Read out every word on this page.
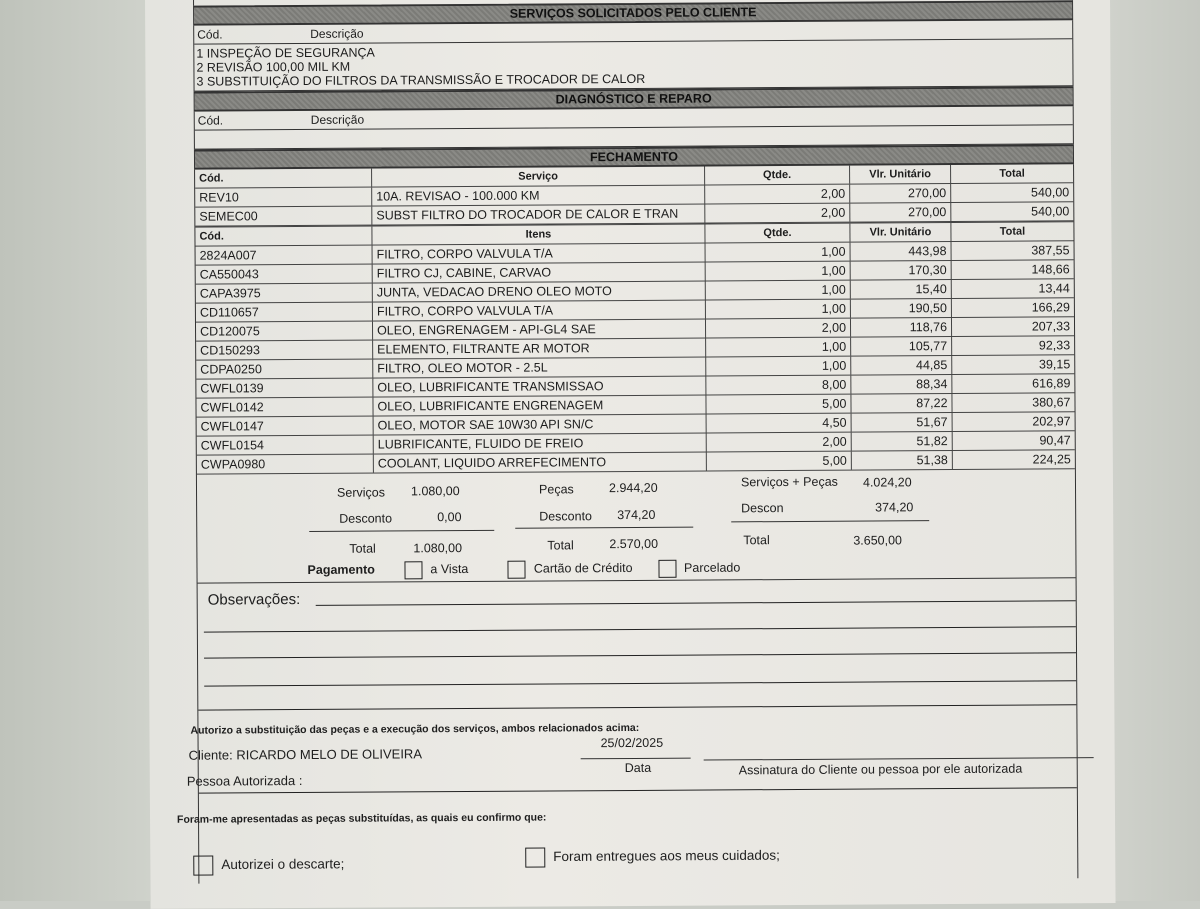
SERVIÇOS SOLICITADOS PELO CLIENTE
Cód.	Descrição
1 INSPEÇÃO DE SEGURANÇA
2 REVISÃO 100,00 MIL KM
3 SUBSTITUIÇÃO DO FILTROS DA TRANSMISSÃO E TROCADOR DE CALOR
DIAGNÓSTICO E REPARO
Cód.	Descrição
FECHAMENTO
Cód.	Serviço	Qtde.	Vlr. Unitário	Total
REV10	10A. REVISAO - 100.000 KM	2,00	270,00	540,00
SEMEC00	SUBST FILTRO DO TROCADOR DE CALOR E TRAN	2,00	270,00	540,00
Cód.	Itens	Qtde.	Vlr. Unitário	Total
2824A007	FILTRO, CORPO VALVULA T/A	1,00	443,98	387,55
CA550043	FILTRO CJ, CABINE, CARVAO	1,00	170,30	148,66
CAPA3975	JUNTA, VEDACAO DRENO OLEO MOTO	1,00	15,40	13,44
CD110657	FILTRO, CORPO VALVULA T/A	1,00	190,50	166,29
CD120075	OLEO, ENGRENAGEM - API-GL4 SAE	2,00	118,76	207,33
CD150293	ELEMENTO, FILTRANTE AR MOTOR	1,00	105,77	92,33
CDPA0250	FILTRO, OLEO MOTOR - 2.5L	1,00	44,85	39,15
CWFL0139	OLEO, LUBRIFICANTE TRANSMISSAO	8,00	88,34	616,89
CWFL0142	OLEO, LUBRIFICANTE ENGRENAGEM	5,00	87,22	380,67
CWFL0147	OLEO, MOTOR SAE 10W30 API SN/C	4,50	51,67	202,97
CWFL0154	LUBRIFICANTE, FLUIDO DE FREIO	2,00	51,82	90,47
CWPA0980	COOLANT, LIQUIDO ARREFECIMENTO	5,00	51,38	224,25
Serviços 1.080,00
Desconto	0,00
Total	1.080,00
Peças	2.944,20
Desconto 374,20
Total	2.570,00
Serviços + Peças 4.024,20
Descon	374,20
Total	3.650,00
Pagamento	a Vista	Cartão de Crédito	Parcelado
Observações:
Autorizo a substituição das peças e a execução dos serviços, ambos relacionados acima:
Cliente: RICARDO MELO DE OLIVEIRA
Pessoa Autorizada :
25/02/2025
Data	Assinatura do Cliente ou pessoa por ele autorizada
Foram-me apresentadas as peças substituídas, as quais eu confirmo que:
Autorizei o descarte;
Foram entregues aos meus cuidados;
